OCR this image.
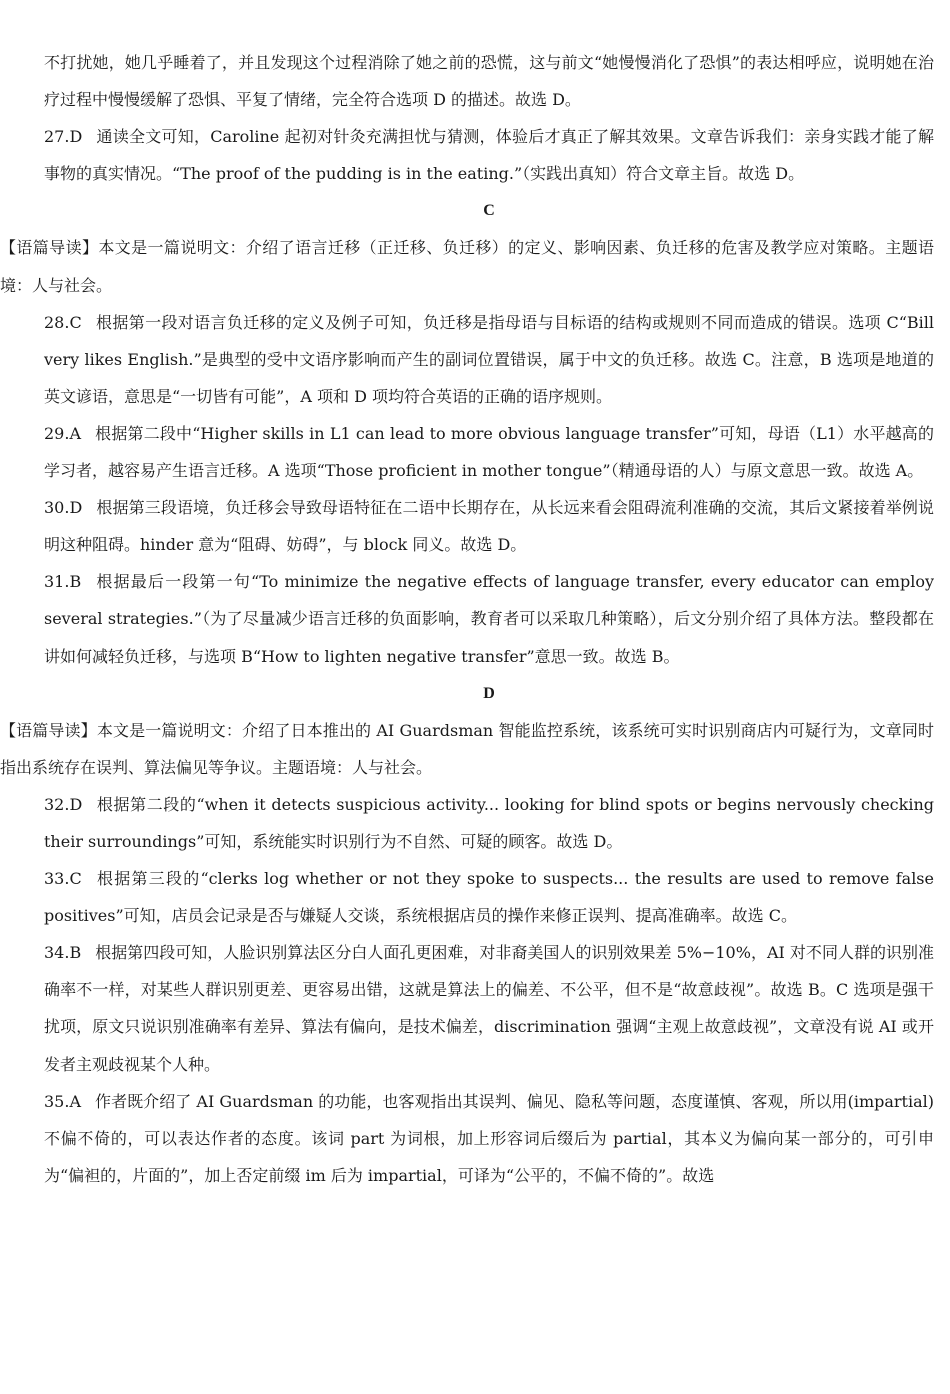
不打扰她，她几乎睡着了，并且发现这个过程消除了她之前的恐慌，这与前文“她慢慢消化了恐惧”的表达相呼应，说明她在治疗过程中慢慢缓解了恐惧、平复了情绪，完全符合选项 D 的描述。故选 D。

27.D 通读全文可知，Caroline 起初对针灸充满担忧与猜测，体验后才真正了解其效果。文章告诉我们：亲身实践才能了解事物的真实情况。“The proof of the pudding is in the eating.”（实践出真知）符合文章主旨。故选 D。

C

【语篇导读】本文是一篇说明文：介绍了语言迁移（正迁移、负迁移）的定义、影响因素、负迁移的危害及教学应对策略。主题语境：人与社会。

28.C 根据第一段对语言负迁移的定义及例子可知，负迁移是指母语与目标语的结构或规则不同而造成的错误。选项 C“Bill very likes English.”是典型的受中文语序影响而产生的副词位置错误，属于中文的负迁移。故选 C。注意，B 选项是地道的英文谚语，意思是“一切皆有可能”，A 项和 D 项均符合英语的正确的语序规则。

29.A 根据第二段中“Higher skills in L1 can lead to more obvious language transfer”可知，母语（L1）水平越高的学习者，越容易产生语言迁移。A 选项“Those proficient in mother tongue”（精通母语的人）与原文意思一致。故选 A。

30.D 根据第三段语境，负迁移会导致母语特征在二语中长期存在，从长远来看会阻碍流利准确的交流，其后文紧接着举例说明这种阻碍。hinder 意为“阻碍、妨碍”，与 block 同义。故选 D。

31.B 根据最后一段第一句“To minimize the negative effects of language transfer, every educator can employ several strategies.”（为了尽量减少语言迁移的负面影响，教育者可以采取几种策略），后文分别介绍了具体方法。整段都在讲如何减轻负迁移，与选项 B“How to lighten negative transfer”意思一致。故选 B。

D

【语篇导读】本文是一篇说明文：介绍了日本推出的 AI Guardsman 智能监控系统，该系统可实时识别商店内可疑行为，文章同时指出系统存在误判、算法偏见等争议。主题语境：人与社会。

32.D 根据第二段的“when it detects suspicious activity... looking for blind spots or begins nervously checking their surroundings”可知，系统能实时识别行为不自然、可疑的顾客。故选 D。

33.C 根据第三段的“clerks log whether or not they spoke to suspects... the results are used to remove false positives”可知，店员会记录是否与嫌疑人交谈，系统根据店员的操作来修正误判、提高准确率。故选 C。

34.B 根据第四段可知，人脸识别算法区分白人面孔更困难，对非裔美国人的识别效果差 5%−10%，AI 对不同人群的识别准确率不一样，对某些人群识别更差、更容易出错，这就是算法上的偏差、不公平，但不是“故意歧视”。故选 B。C 选项是强干扰项，原文只说识别准确率有差异、算法有偏向，是技术偏差，discrimination 强调“主观上故意歧视”，文章没有说 AI 或开发者主观歧视某个人种。

35.A 作者既介绍了 AI Guardsman 的功能，也客观指出其误判、偏见、隐私等问题，态度谨慎、客观，所以用(impartial)不偏不倚的，可以表达作者的态度。该词 part 为词根，加上形容词后缀后为 partial，其本义为偏向某一部分的，可引申为“偏袒的，片面的”，加上否定前缀 im 后为 impartial，可译为“公平的，不偏不倚的”。故选
